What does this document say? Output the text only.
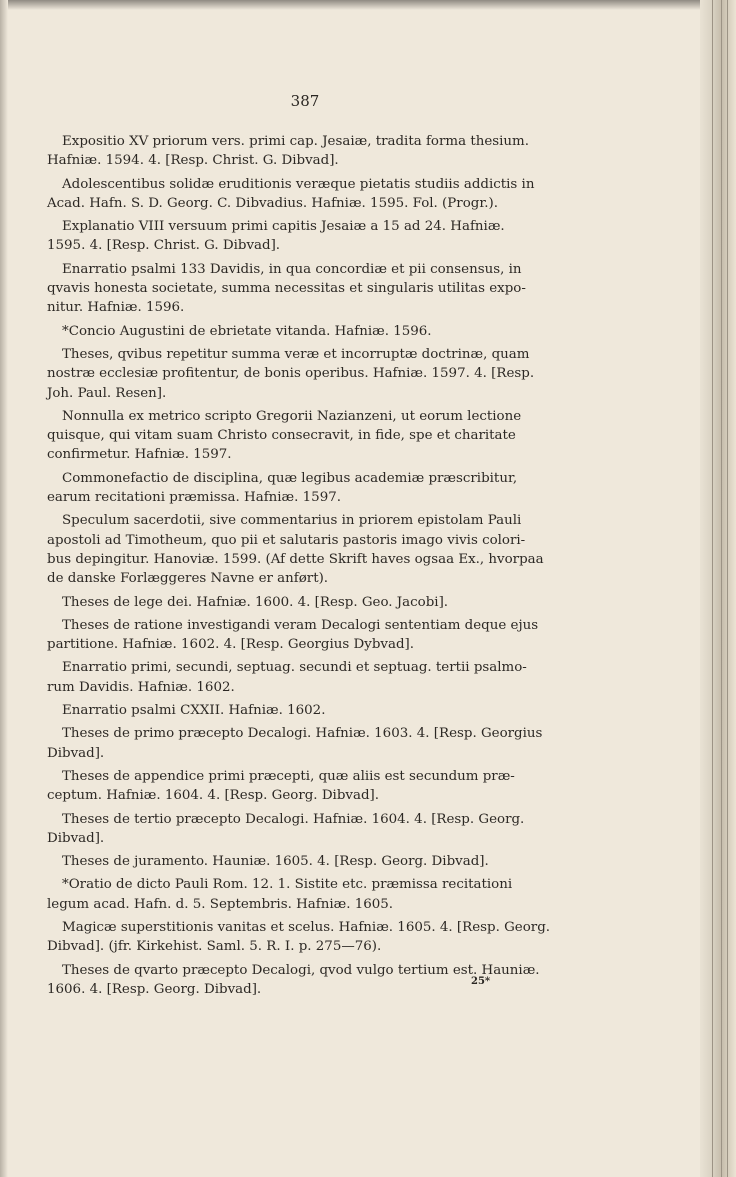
387
Expositio XV priorum vers. primi cap. Jesaiæ, tradita forma thesium.
Hafniæ. 1594. 4. [Resp. Christ. G. Dibvad].
Adolescentibus solidæ eruditionis veræque pietatis studiis addictis in
Acad. Hafn. S. D. Georg. C. Dibvadius. Hafniæ. 1595. Fol. (Progr.).
Explanatio VIII versuum primi capitis Jesaiæ a 15 ad 24. Hafniæ.
1595. 4. [Resp. Christ. G. Dibvad].
Enarratio psalmi 133 Davidis, in qua concordiæ et pii consensus, in
qvavis honesta societate, summa necessitas et singularis utilitas expo-
nitur. Hafniæ. 1596.
*Concio Augustini de ebrietate vitanda. Hafniæ. 1596.
Theses, qvibus repetitur summa veræ et incorruptæ doctrinæ, quam
nostræ ecclesiæ profitentur, de bonis operibus. Hafniæ. 1597. 4. [Resp.
Joh. Paul. Resen].
Nonnulla ex metrico scripto Gregorii Nazianzeni, ut eorum lectione
quisque, qui vitam suam Christo consecravit, in fide, spe et charitate
confirmetur. Hafniæ. 1597.
Commonefactio de disciplina, quæ legibus academiæ præscribitur,
earum recitationi præmissa. Hafniæ. 1597.
Speculum sacerdotii, sive commentarius in priorem epistolam Pauli
apostoli ad Timotheum, quo pii et salutaris pastoris imago vivis colori-
bus depingitur. Hanoviæ. 1599. (Af dette Skrift haves ogsaa Ex., hvorpaa
de danske Forlæggeres Navne er anført).
Theses de lege dei. Hafniæ. 1600. 4. [Resp. Geo. Jacobi].
Theses de ratione investigandi veram Decalogi sententiam deque ejus
partitione. Hafniæ. 1602. 4. [Resp. Georgius Dybvad].
Enarratio primi, secundi, septuag. secundi et septuag. tertii psalmo-
rum Davidis. Hafniæ. 1602.
Enarratio psalmi CXXII. Hafniæ. 1602.
Theses de primo præcepto Decalogi. Hafniæ. 1603. 4. [Resp. Georgius
Dibvad].
Theses de appendice primi præcepti, quæ aliis est secundum præ-
ceptum. Hafniæ. 1604. 4. [Resp. Georg. Dibvad].
Theses de tertio præcepto Decalogi. Hafniæ. 1604. 4. [Resp. Georg.
Dibvad].
Theses de juramento. Hauniæ. 1605. 4. [Resp. Georg. Dibvad].
*Oratio de dicto Pauli Rom. 12. 1. Sistite etc. præmissa recitationi
legum acad. Hafn. d. 5. Septembris. Hafniæ. 1605.
Magicæ superstitionis vanitas et scelus. Hafniæ. 1605. 4. [Resp. Georg.
Dibvad]. (jfr. Kirkehist. Saml. 5. R. I. p. 275—76).
Theses de qvarto præcepto Decalogi, qvod vulgo tertium est. Hauniæ.
1606. 4. [Resp. Georg. Dibvad].
25*
